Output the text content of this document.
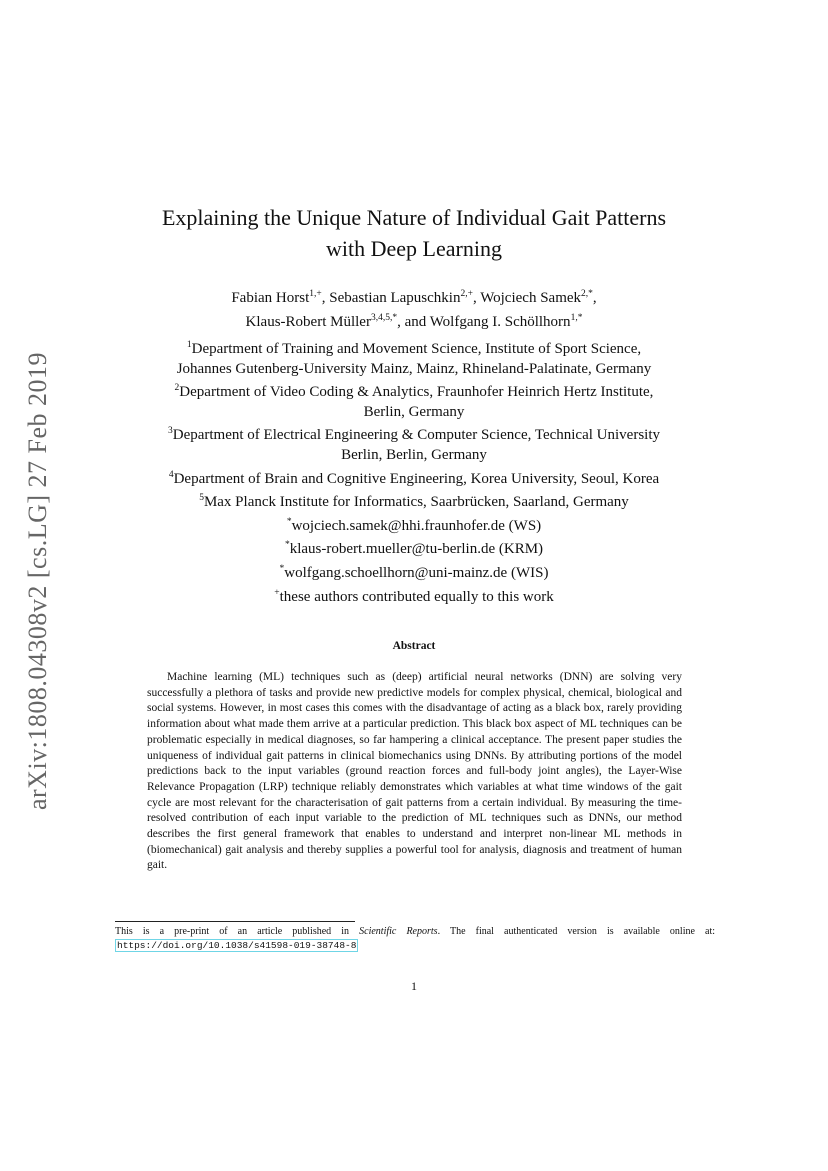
arXiv:1808.04308v2 [cs.LG] 27 Feb 2019
Explaining the Unique Nature of Individual Gait Patterns
with Deep Learning
Fabian Horst$^{1,+}$, Sebastian Lapuschkin$^{2,+}$, Wojciech Samek$^{2,*}$,
Klaus-Robert Müller$^{3,4,5,*}$, and Wolfgang I. Schöllhorn$^{1,*}$
$^1$Department of Training and Movement Science, Institute of Sport Science,
Johannes Gutenberg-University Mainz, Mainz, Rhineland-Palatinate, Germany
$^2$Department of Video Coding & Analytics, Fraunhofer Heinrich Hertz Institute,
Berlin, Germany
$^3$Department of Electrical Engineering & Computer Science, Technical University
Berlin, Berlin, Germany
$^4$Department of Brain and Cognitive Engineering, Korea University, Seoul, Korea
$^5$Max Planck Institute for Informatics, Saarbrücken, Saarland, Germany
*wojciech.samek@hhi.fraunhofer.de (WS)
*klaus-robert.mueller@tu-berlin.de (KRM)
*wolfgang.schoellhorn@uni-mainz.de (WIS)
+these authors contributed equally to this work
Abstract

Machine learning (ML) techniques such as (deep) artificial neural networks (DNN) are solving very successfully a plethora of tasks and provide new predictive models for complex physical, chemical, biological and social systems. However, in most cases this comes with the disadvantage of acting as a black box, rarely providing information about what made them arrive at a particular prediction. This black box aspect of ML techniques can be problematic especially in medical diagnoses, so far hampering a clinical acceptance. The present paper studies the uniqueness of individual gait patterns in clinical biomechanics using DNNs. By attributing portions of the model predictions back to the input variables (ground reaction forces and full-body joint angles), the Layer-Wise Relevance Propagation (LRP) technique reliably demonstrates which variables at what time windows of the gait cycle are most relevant for the characterisation of gait patterns from a certain individual. By measuring the time-resolved contribution of each input variable to the prediction of ML techniques such as DNNs, our method describes the first general framework that enables to understand and interpret non-linear ML methods in (biomechanical) gait analysis and thereby supplies a powerful tool for analysis, diagnosis and treatment of human gait.

This is a pre-print of an article published in Scientific Reports. The final authenticated version is available online at: https://doi.org/10.1038/s41598-019-38748-8
1
